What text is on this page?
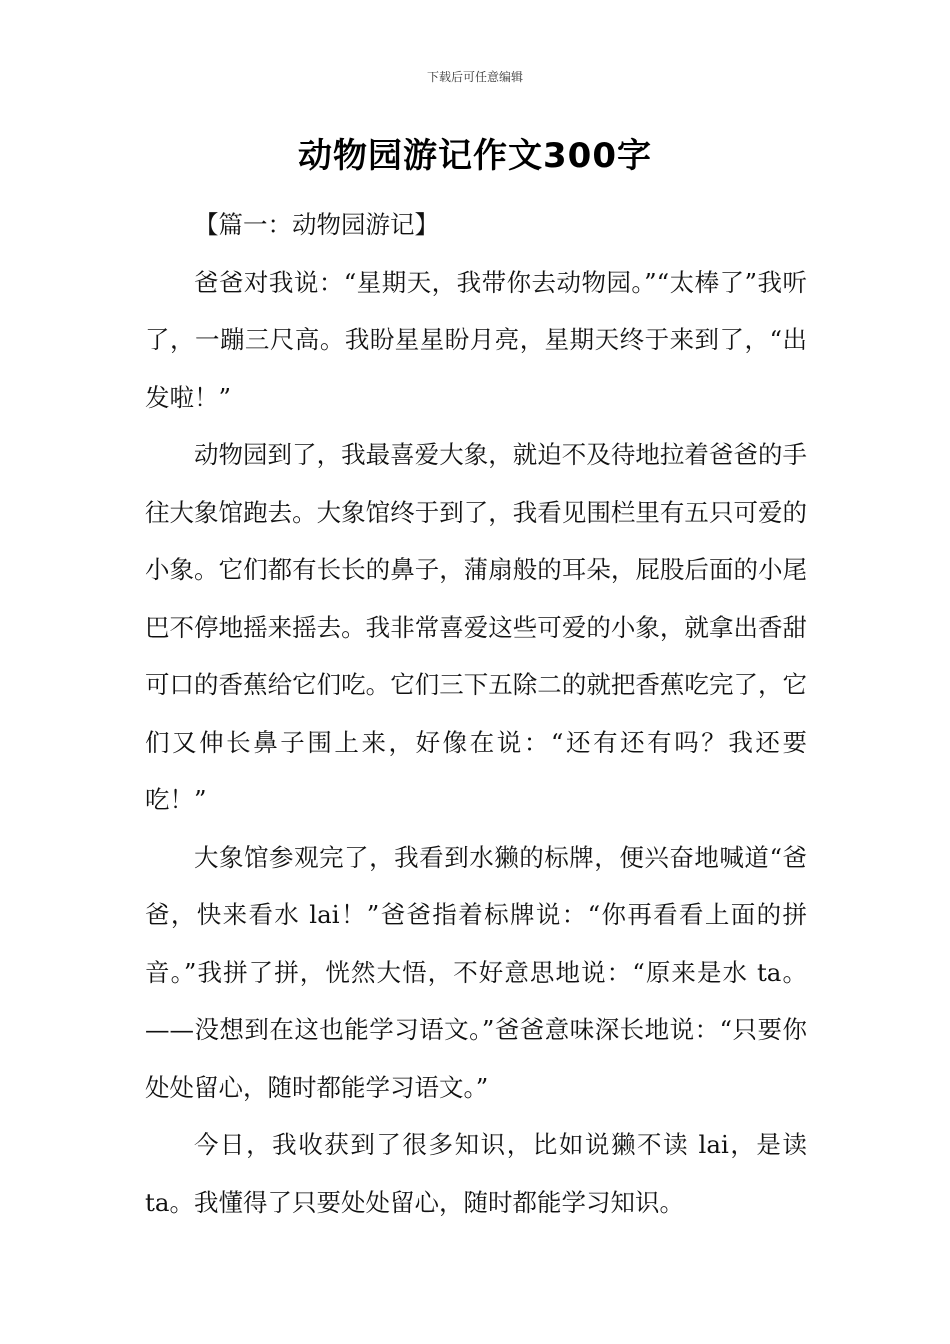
下载后可任意编辑
动物园游记作文300字

【篇一：动物园游记】

爸爸对我说：“星期天，我带你去动物园。”“太棒了”我听了，一蹦三尺高。我盼星星盼月亮，星期天终于来到了，“出发啦！”

动物园到了，我最喜爱大象，就迫不及待地拉着爸爸的手往大象馆跑去。大象馆终于到了，我看见围栏里有五只可爱的小象。它们都有长长的鼻子，蒲扇般的耳朵，屁股后面的小尾巴不停地摇来摇去。我非常喜爱这些可爱的小象，就拿出香甜可口的香蕉给它们吃。它们三下五除二的就把香蕉吃完了，它们又伸长鼻子围上来，好像在说：“还有还有吗？我还要吃！”

大象馆参观完了，我看到水獭的标牌，便兴奋地喊道“爸爸，快来看水 lai！”爸爸指着标牌说：“你再看看上面的拼音。”我拼了拼，恍然大悟，不好意思地说：“原来是水 ta。——没想到在这也能学习语文。”爸爸意味深长地说：“只要你处处留心，随时都能学习语文。”

今日，我收获到了很多知识，比如说獭不读 lai，是读 ta。我懂得了只要处处留心，随时都能学习知识。
